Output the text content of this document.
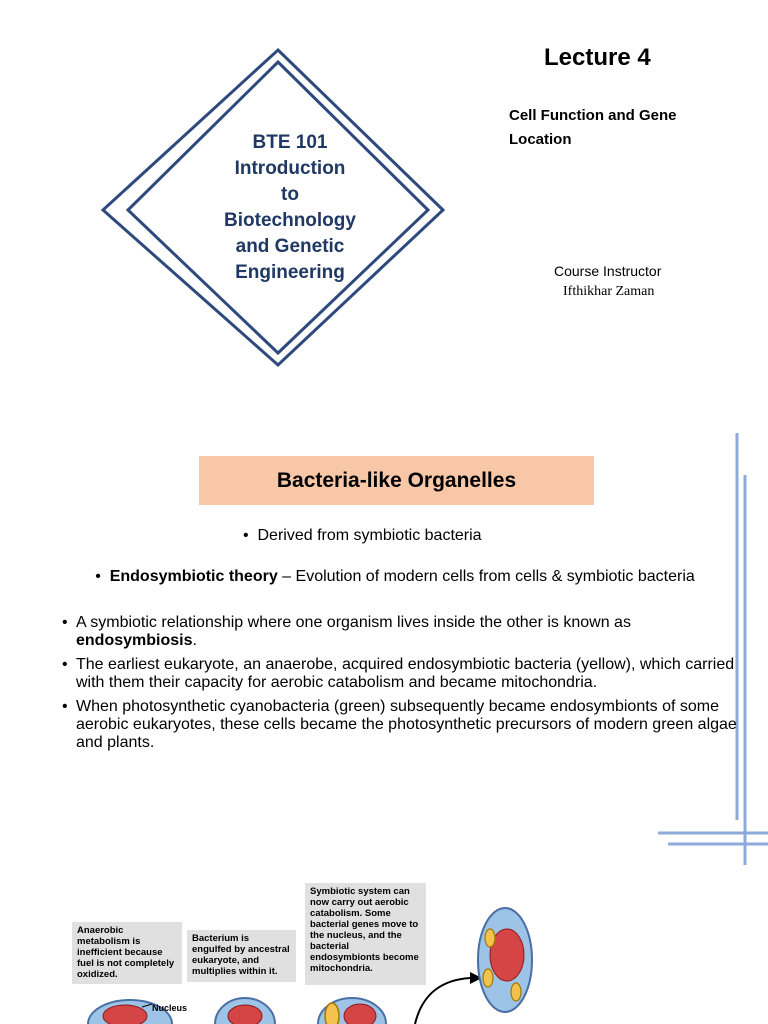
BTE 101
Introduction
to
Biotechnology
and Genetic
Engineering
Lecture 4
Cell Function and Gene Location
Course Instructor
Ifthikhar Zaman
Bacteria-like Organelles
•  Derived from symbiotic bacteria
•  Endosymbiotic theory – Evolution of modern cells from cells & symbiotic bacteria
• A symbiotic relationship where one organism lives inside the other is known as endosymbiosis.
• The earliest eukaryote, an anaerobe, acquired endosymbiotic bacteria (yellow), which carried with them their capacity for aerobic catabolism and became mitochondria.
• When photosynthetic cyanobacteria (green) subsequently became endosymbionts of some aerobic eukaryotes, these cells became the photosynthetic precursors of modern green algae and plants.
Anaerobic metabolism is inefficient because fuel is not completely oxidized.
Bacterium is engulfed by ancestral eukaryote, and multiplies within it.
Symbiotic system can now carry out aerobic catabolism. Some bacterial genes move to the nucleus, and the bacterial endosymbionts become mitochondria.
Nucleus
